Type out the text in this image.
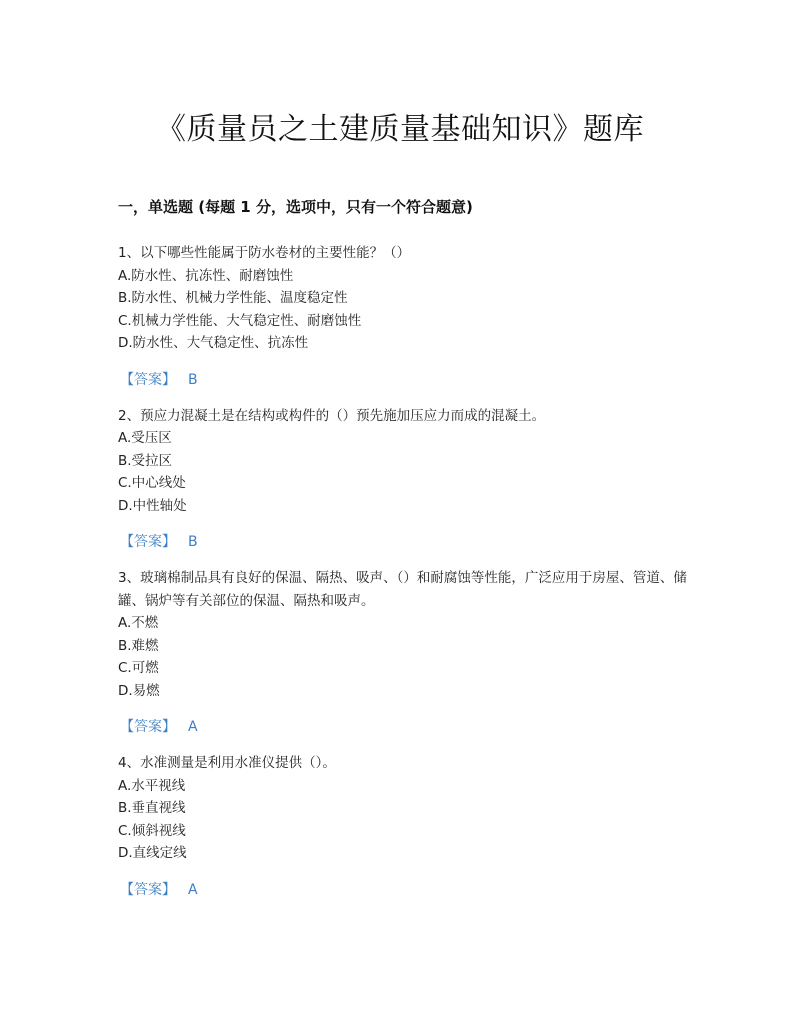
《质量员之土建质量基础知识》题库
一，单选题 (每题 1 分，选项中，只有一个符合题意)
1、以下哪些性能属于防水卷材的主要性能？（）
A.防水性、抗冻性、耐磨蚀性
B.防水性、机械力学性能、温度稳定性
C.机械力学性能、大气稳定性、耐磨蚀性
D.防水性、大气稳定性、抗冻性
【答案】 B
2、预应力混凝土是在结构或构件的（）预先施加压应力而成的混凝土。
A.受压区
B.受拉区
C.中心线处
D.中性轴处
【答案】 B
3、玻璃棉制品具有良好的保温、隔热、吸声、（）和耐腐蚀等性能，广泛应用于房屋、管道、储罐、锅炉等有关部位的保温、隔热和吸声。
A.不燃
B.难燃
C.可燃
D.易燃
【答案】 A
4、水准测量是利用水准仪提供（）。
A.水平视线
B.垂直视线
C.倾斜视线
D.直线定线
【答案】 A
